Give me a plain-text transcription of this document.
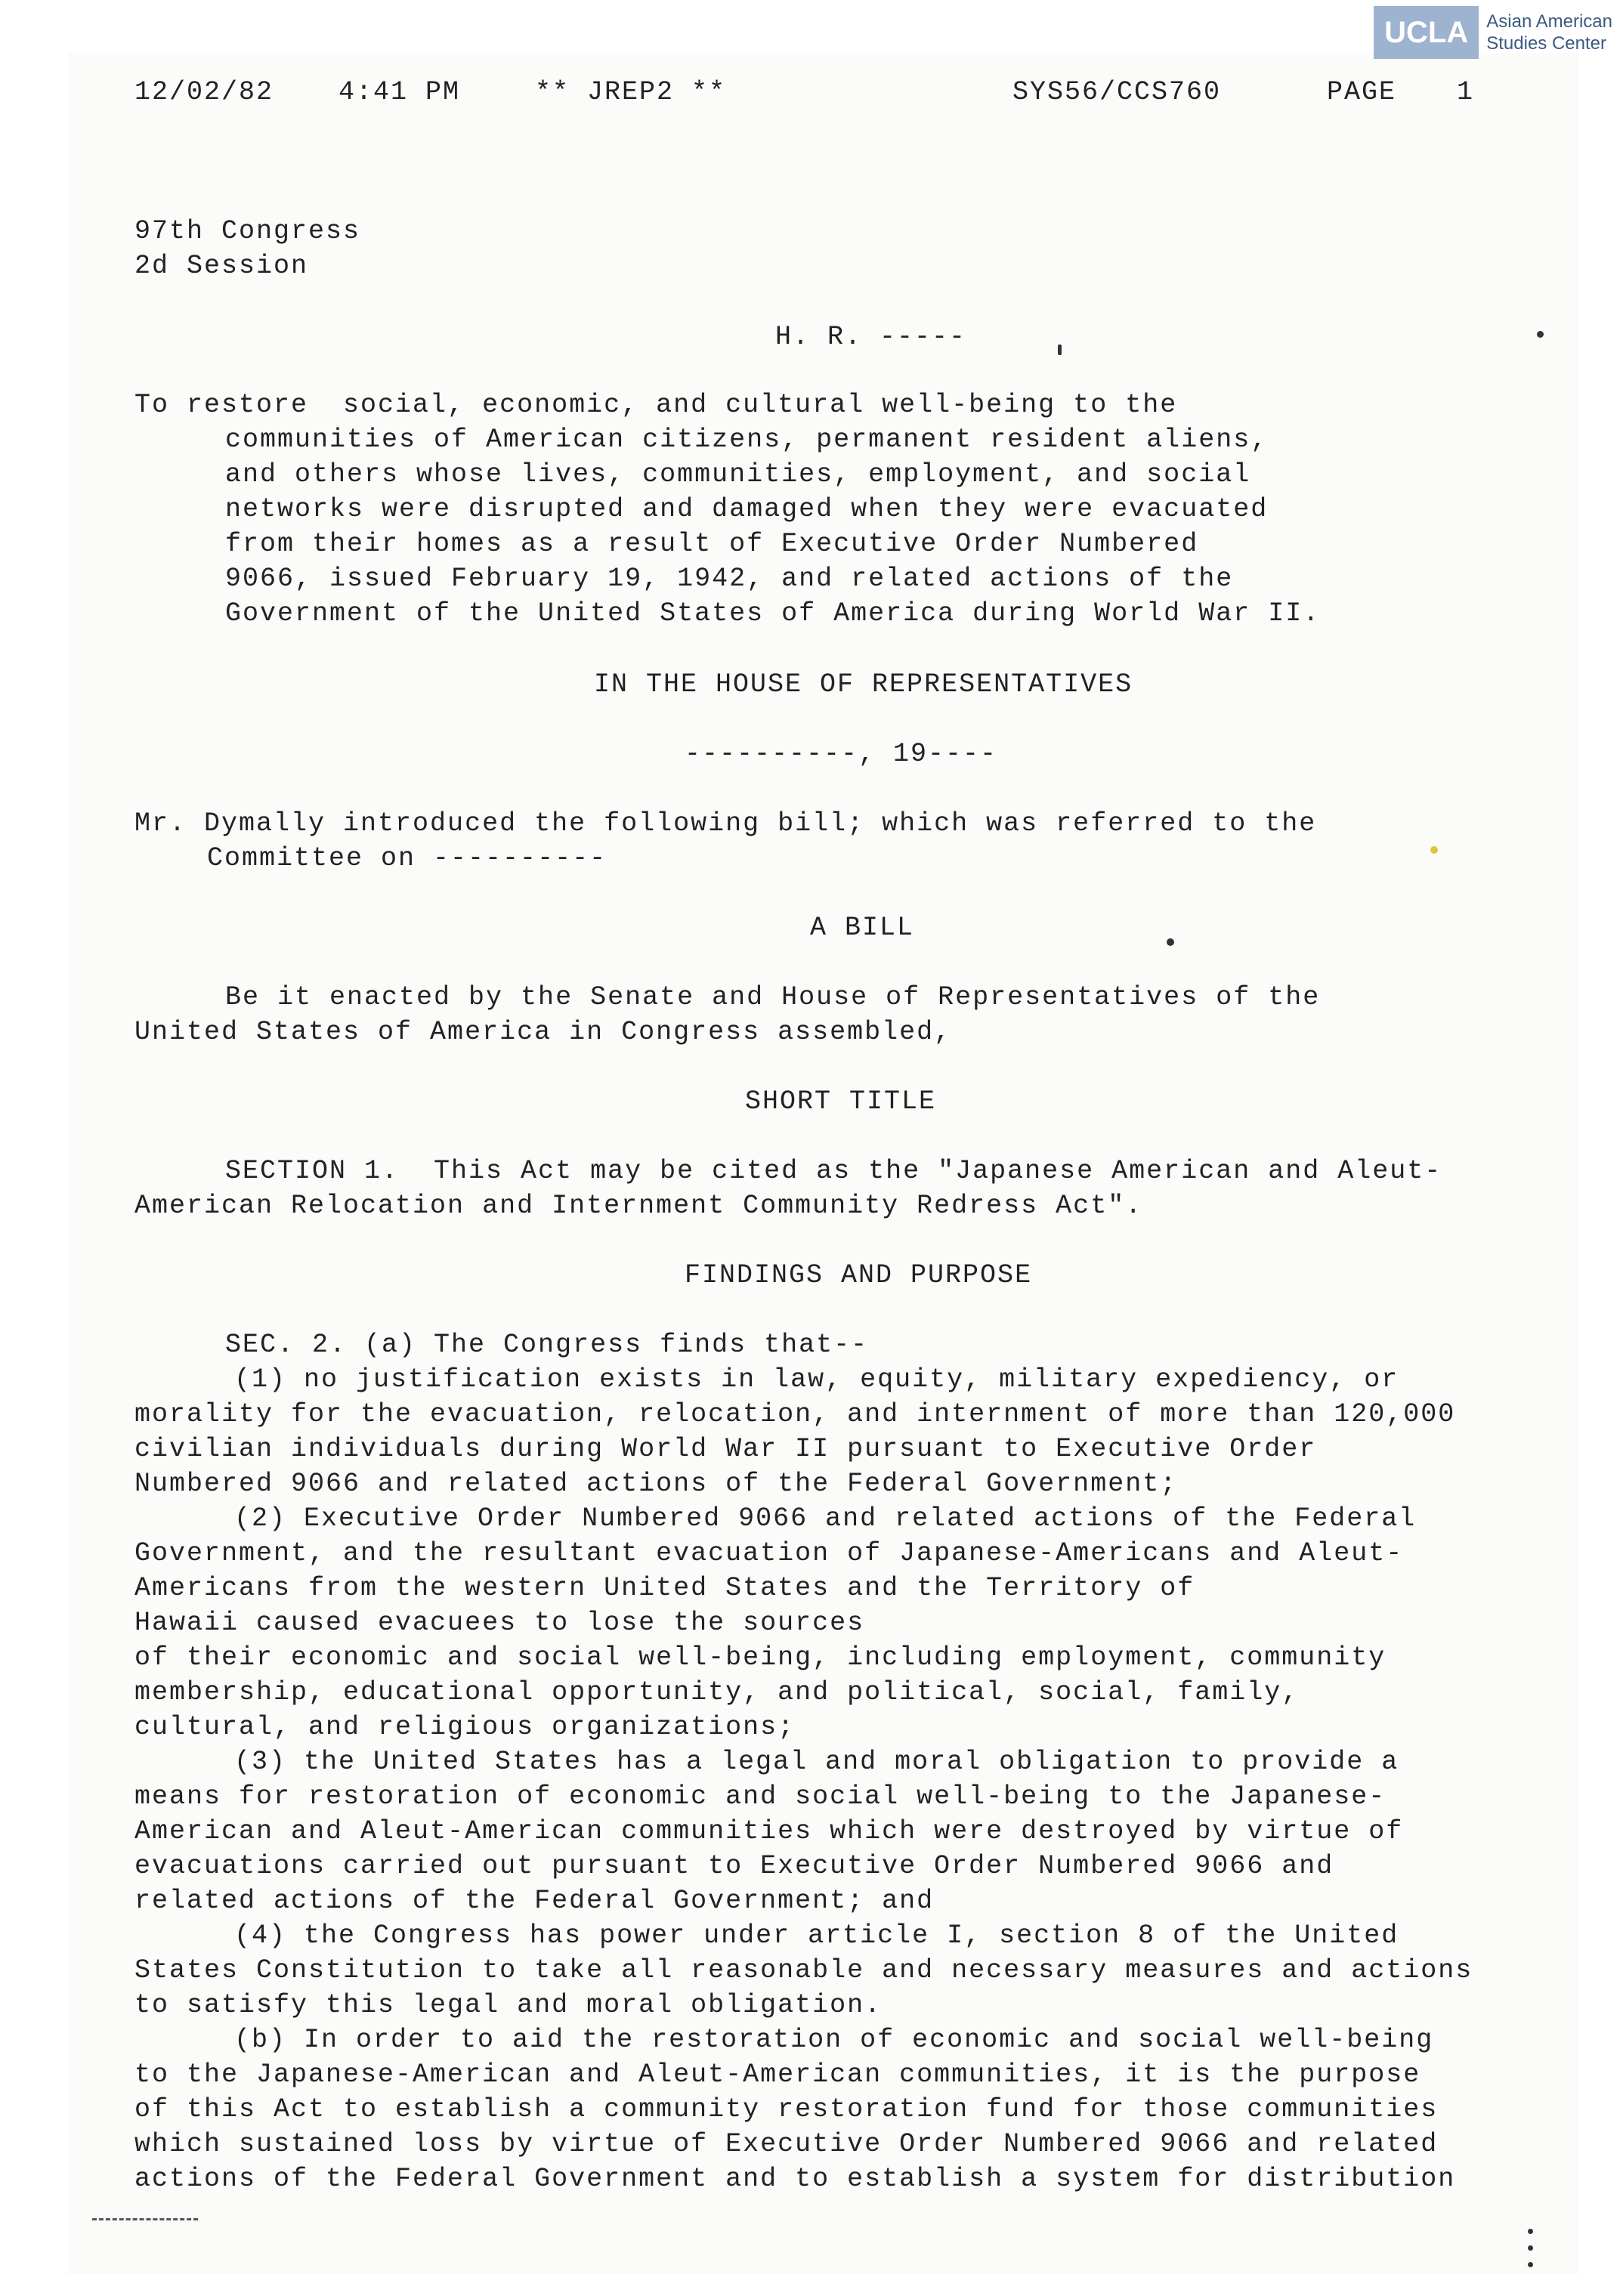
UCLA Asian American
Studies Center
12/02/82 4:41 PM	** JREP2 **	SYS56/CCS760	PAGE 1
97th Congress
2d Session
H. R. -----
To restore  social, economic, and cultural well-being to the
communities of American citizens, permanent resident aliens,
and others whose lives, communities, employment, and social
networks were disrupted and damaged when they were evacuated
from their homes as a result of Executive Order Numbered
9066, issued February 19, 1942, and related actions of the
Government of the United States of America during World War II.
IN THE HOUSE OF REPRESENTATIVES
----------, 19----
Mr. Dymally introduced the following bill; which was referred to the
Committee on ----------
A BILL
Be it enacted by the Senate and House of Representatives of the
United States of America in Congress assembled,
SHORT TITLE
SECTION 1.  This Act may be cited as the "Japanese American and Aleut-
American Relocation and Internment Community Redress Act".
FINDINGS AND PURPOSE
SEC. 2. (a) The Congress finds that--
(1) no justification exists in law, equity, military expediency, or
morality for the evacuation, relocation, and internment of more than 120,000
civilian individuals during World War II pursuant to Executive Order
Numbered 9066 and related actions of the Federal Government;
(2) Executive Order Numbered 9066 and related actions of the Federal
Government, and the resultant evacuation of Japanese-Americans and Aleut-
Americans from the western United States and the Territory of
Hawaii caused evacuees to lose the sources
of their economic and social well-being, including employment, community
membership, educational opportunity, and political, social, family,
cultural, and religious organizations;
(3) the United States has a legal and moral obligation to provide a
means for restoration of economic and social well-being to the Japanese-
American and Aleut-American communities which were destroyed by virtue of
evacuations carried out pursuant to Executive Order Numbered 9066 and
related actions of the Federal Government; and
(4) the Congress has power under article I, section 8 of the United
States Constitution to take all reasonable and necessary measures and actions
to satisfy this legal and moral obligation.
(b) In order to aid the restoration of economic and social well-being
to the Japanese-American and Aleut-American communities, it is the purpose
of this Act to establish a community restoration fund for those communities
which sustained loss by virtue of Executive Order Numbered 9066 and related
actions of the Federal Government and to establish a system for distribution
